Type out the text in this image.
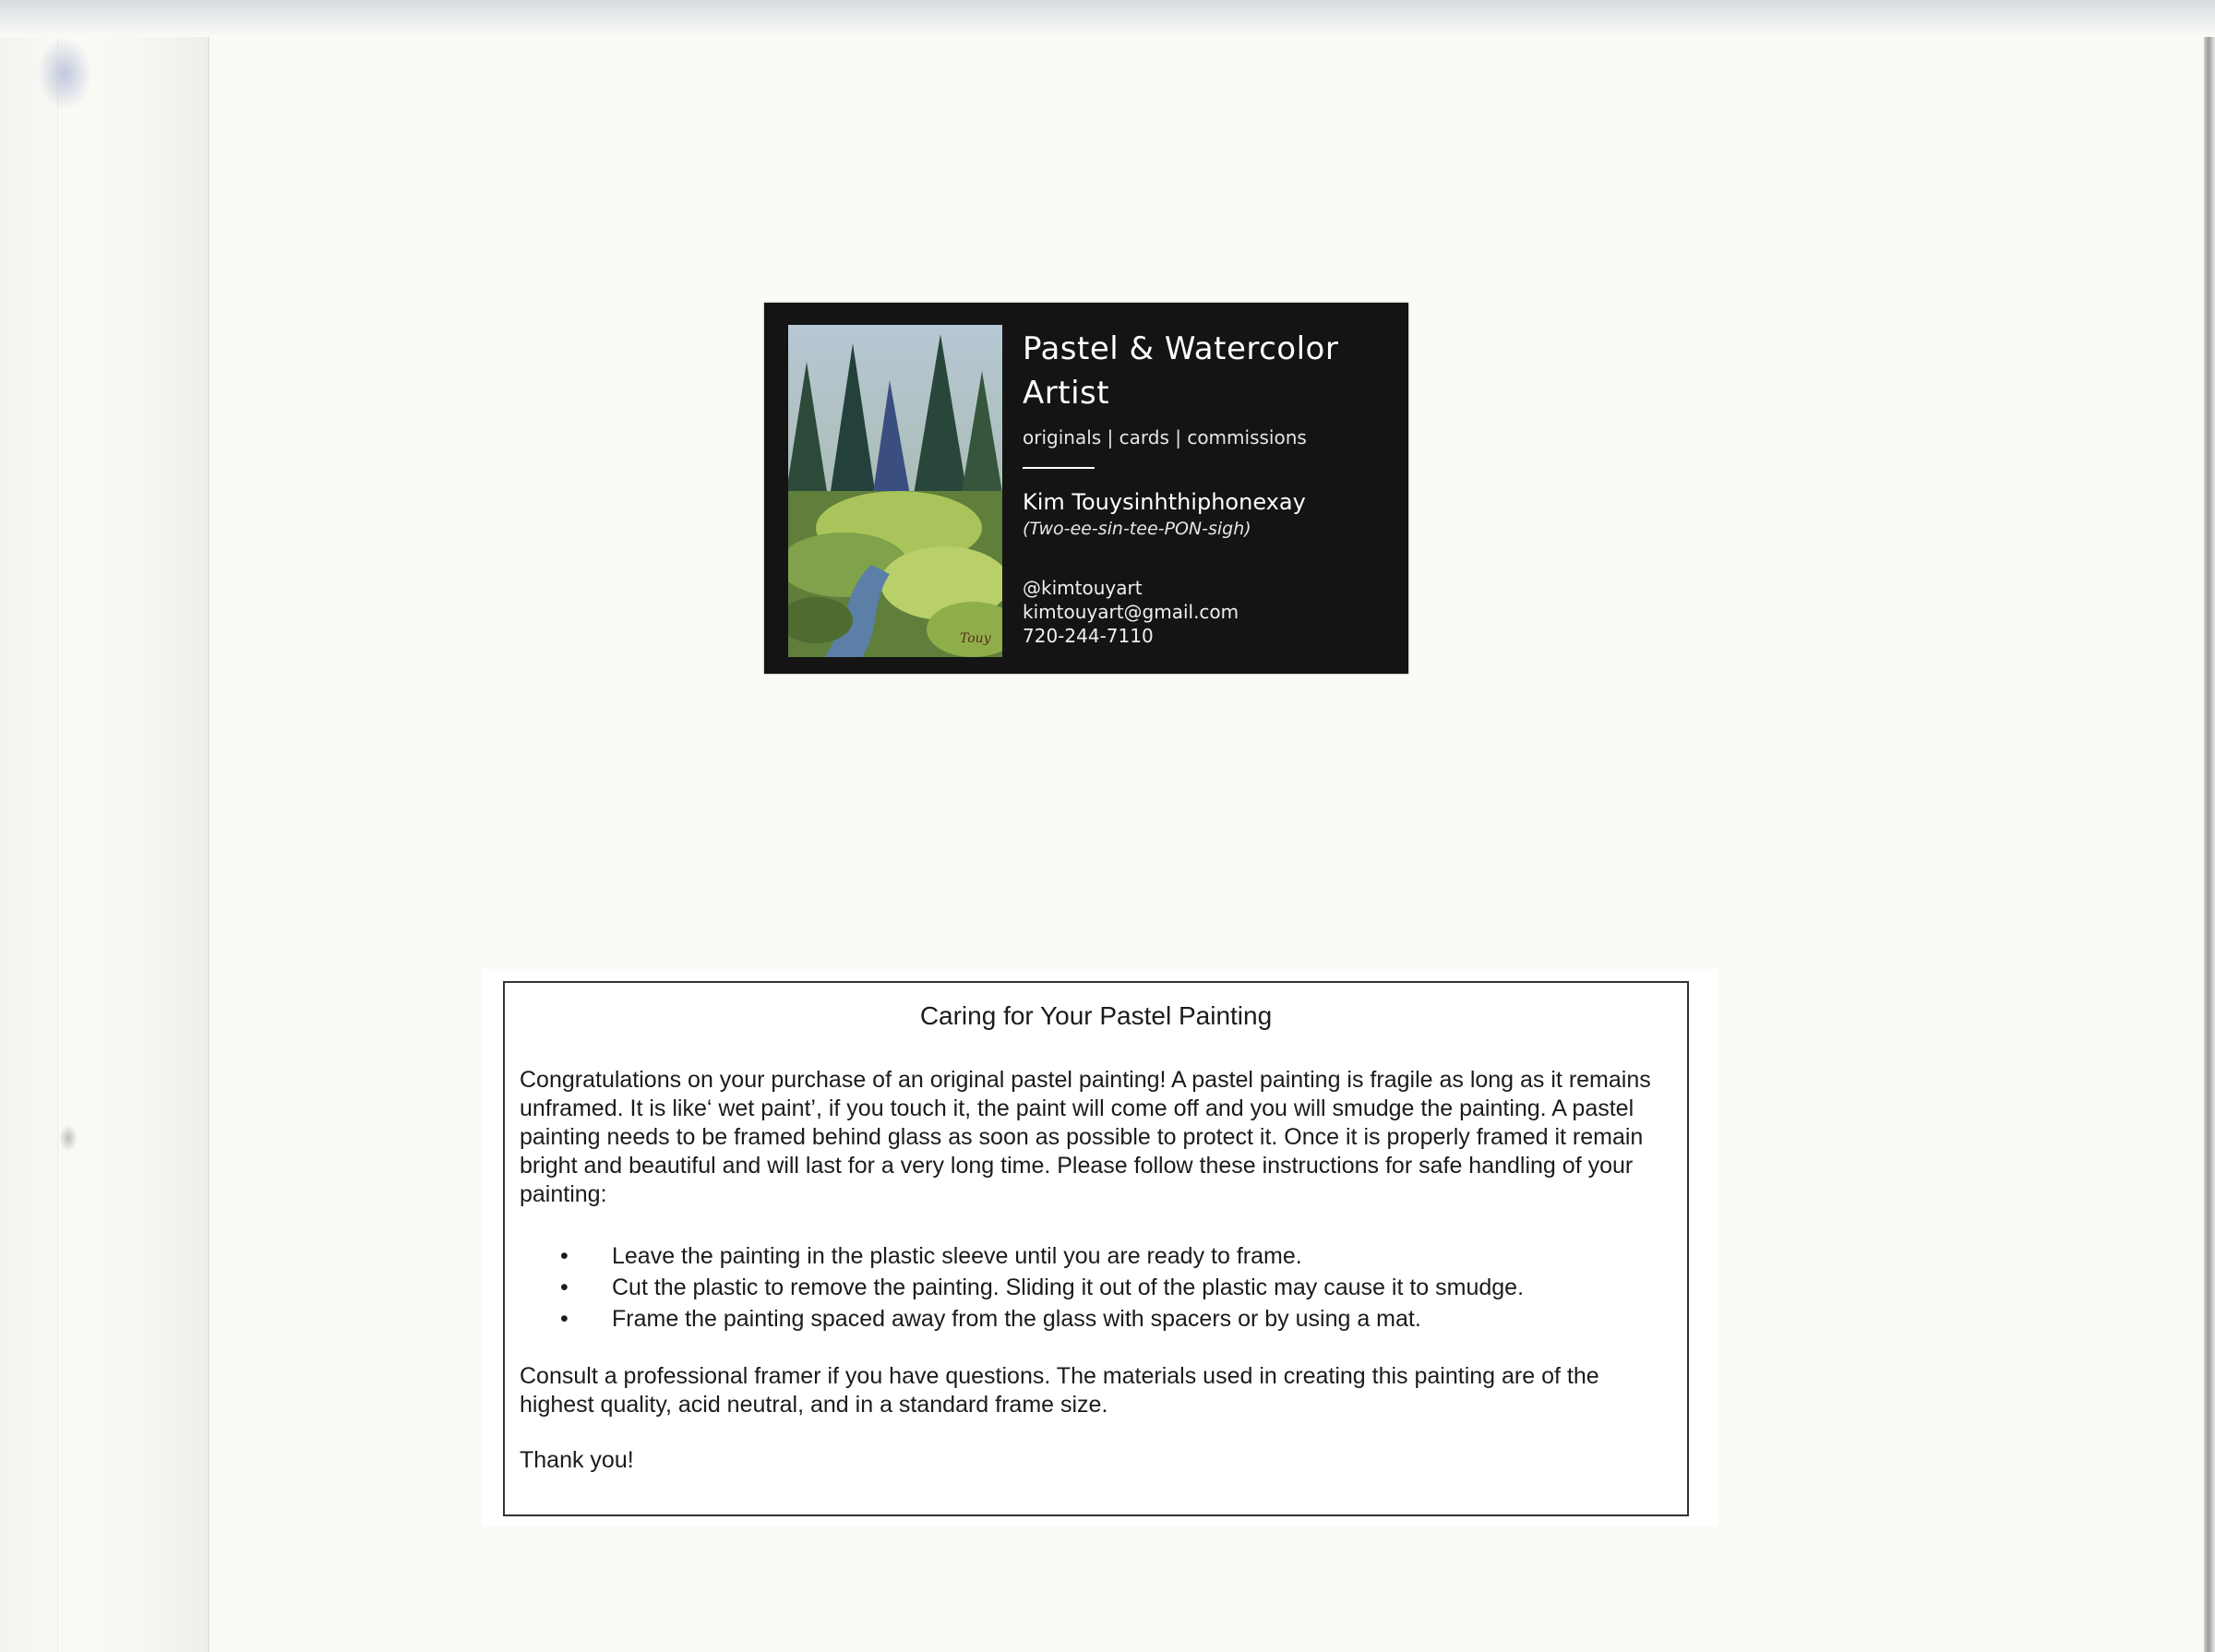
Touy
Pastel & Watercolor Artist
originals | cards | commissions
Kim Touysinhthiphonexay
(Two-ee-sin-tee-PON-sigh)
@kimtouyart
kimtouyart@gmail.com
720-244-7110
Caring for Your Pastel Painting

Congratulations on your purchase of an original pastel painting! A pastel painting is fragile as long as it remains unframed. It is like‘ wet paint’, if you touch it, the paint will come off and you will smudge the painting. A pastel painting needs to be framed behind glass as soon as possible to protect it. Once it is properly framed it remain bright and beautiful and will last for a very long time. Please follow these instructions for safe handling of your painting:

• Leave the painting in the plastic sleeve until you are ready to frame.
• Cut the plastic to remove the painting. Sliding it out of the plastic may cause it to smudge.
• Frame the painting spaced away from the glass with spacers or by using a mat.

Consult a professional framer if you have questions. The materials used in creating this painting are of the highest quality, acid neutral, and in a standard frame size.

Thank you!
